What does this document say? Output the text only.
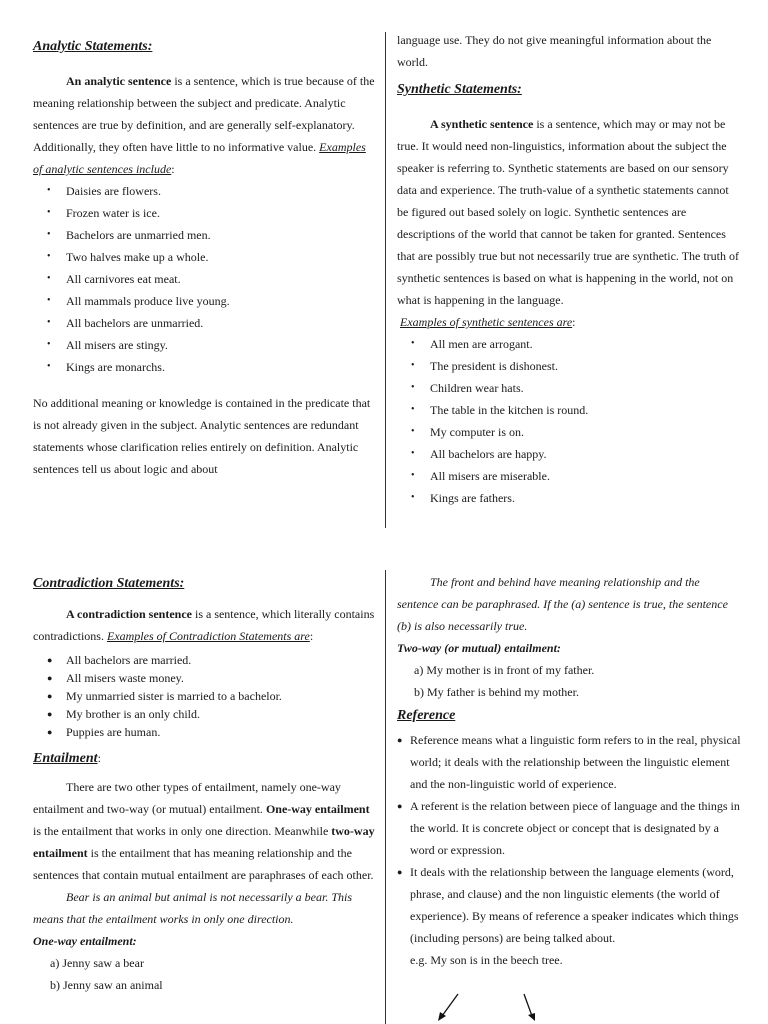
Analytic Statements:

An analytic sentence is a sentence, which is true because of the meaning relationship between the subject and predicate. Analytic sentences are true by definition, and are generally self-explanatory. Additionally, they often have little to no informative value. Examples of analytic sentences include:

• Daisies are flowers.
• Frozen water is ice.
• Bachelors are unmarried men.
• Two halves make up a whole.
• All carnivores eat meat.
• All mammals produce live young.
• All bachelors are unmarried.
• All misers are stingy.
• Kings are monarchs.

No additional meaning or knowledge is contained in the predicate that is not already given in the subject. Analytic sentences are redundant statements whose clarification relies entirely on definition. Analytic sentences tell us about logic and about

language use. They do not give meaningful information about the world.

Synthetic Statements:

A synthetic sentence is a sentence, which may or may not be true. It would need non-linguistics, information about the subject the speaker is referring to. Synthetic statements are based on our sensory data and experience. The truth-value of a synthetic statements cannot be figured out based solely on logic. Synthetic sentences are descriptions of the world that cannot be taken for granted. Sentences that are possibly true but not necessarily true are synthetic. The truth of synthetic sentences is based on what is happening in the world, not on what is happening in the language.

Examples of synthetic sentences are:

• All men are arrogant.
• The president is dishonest.
• Children wear hats.
• The table in the kitchen is round.
• My computer is on.
• All bachelors are happy.
• All misers are miserable.
• Kings are fathers.
Contradiction Statements:

A contradiction sentence is a sentence, which literally contains contradictions. Examples of Contradiction Statements are:

● All bachelors are married.
● All misers waste money.
● My unmarried sister is married to a bachelor.
● My brother is an only child.
● Puppies are human.
Entailment:

There are two other types of entailment, namely one-way entailment and two-way (or mutual) entailment. One-way entailment is the entailment that works in only one direction. Meanwhile two-way entailment is the entailment that has meaning relationship and the sentences that contain mutual entailment are paraphrases of each other.

Bear is an animal but animal is not necessarily a bear. This means that the entailment works in only one direction.

One-way entailment:

a) Jenny saw a bear
b) Jenny saw an animal

The front and behind have meaning relationship and the sentence can be paraphrased. If the (a) sentence is true, the sentence (b) is also necessarily true.

Two-way (or mutual) entailment:

a) My mother is in front of my father.
b) My father is behind my mother.
Reference
● Reference means what a linguistic form refers to in the real, physical world; it deals with the relationship between the linguistic element and the non-linguistic world of experience.
● A referent is the relation between piece of language and the things in the world. It is concrete object or concept that is designated by a word or expression.
● It deals with the relationship between the language elements (word, phrase, and clause) and the non linguistic elements (the world of experience). By means of reference a speaker indicates which things (including persons) are being talked about.

e.g. My son is in the beech tree.
